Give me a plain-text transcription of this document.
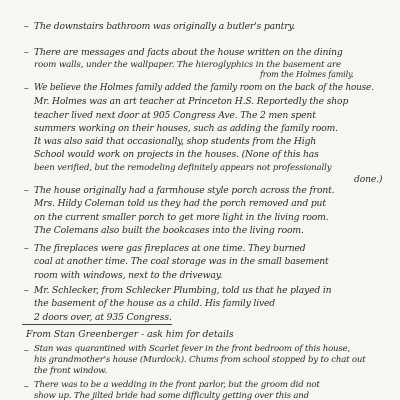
– The downstairs bathroom was originally a butler's pantry.
– There are messages and facts about the house written on the dining
room walls, under the wallpaper. The hieroglyphics in the basement are
from the Holmes family.
– We believe the Holmes family added the family room on the back of the house.
Mr. Holmes was an art teacher at Princeton H.S. Reportedly the shop
teacher lived next door at 905 Congress Ave. The 2 men spent
summers working on their houses, such as adding the family room.
It was also said that occasionally, shop students from the High
School would work on projects in the houses. (None of this has
been verified, but the remodeling definitely appears not professionally
done.)
– The house originally had a farmhouse style porch across the front.
Mrs. Hildy Coleman told us they had the porch removed and put
on the current smaller porch to get more light in the living room.
The Colemans also built the bookcases into the living room.
– The fireplaces were gas fireplaces at one time. They burned
coal at another time. The coal storage was in the small basement
room with windows, next to the driveway.
– Mr. Schlecker, from Schlecker Plumbing, told us that he played in
the basement of the house as a child. His family lived
2 doors over, at 935 Congress.
From Stan Greenberger - ask him for details
– Stan was quarantined with Scarlet fever in the front bedroom of this house,
his grandmother's house (Murdock). Chums from school stopped by to chat out
the front window.
– There was to be a wedding in the front parlor, but the groom did not
show up. The jilted bride had some difficulty getting over this and
